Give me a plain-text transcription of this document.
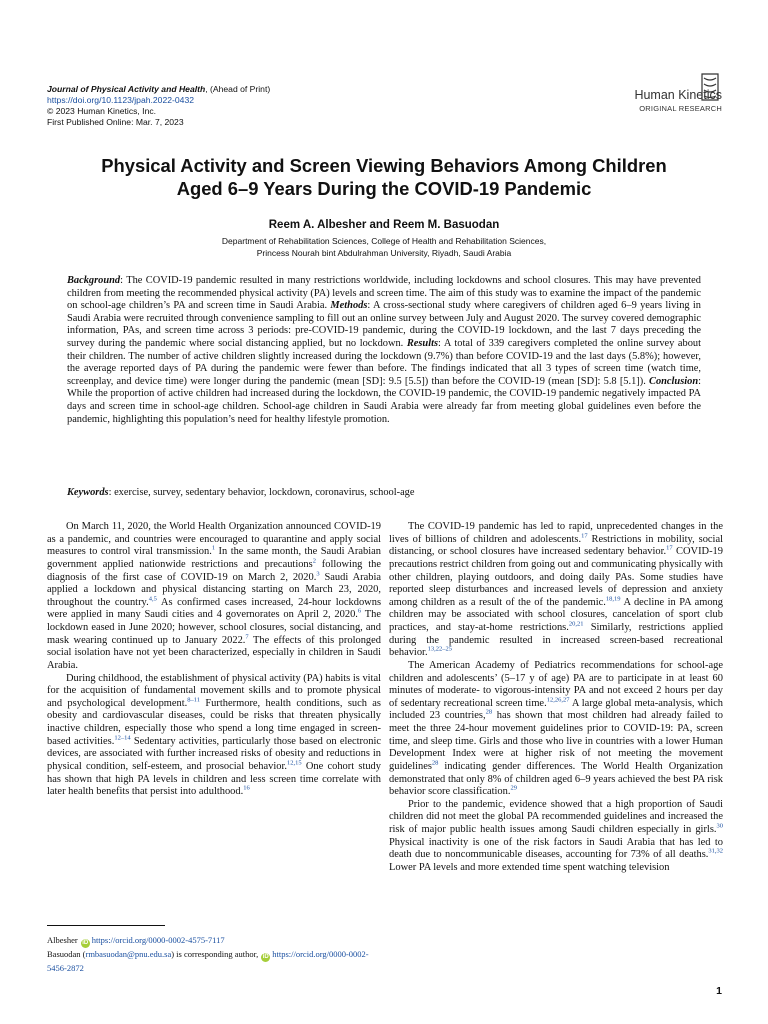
Journal of Physical Activity and Health, (Ahead of Print)
https://doi.org/10.1123/jpah.2022-0432
© 2023 Human Kinetics, Inc.
First Published Online: Mar. 7, 2023
Human Kinetics
ORIGINAL RESEARCH
Physical Activity and Screen Viewing Behaviors Among Children
Aged 6–9 Years During the COVID-19 Pandemic
Reem A. Albesher and Reem M. Basuodan
Department of Rehabilitation Sciences, College of Health and Rehabilitation Sciences,
Princess Nourah bint Abdulrahman University, Riyadh, Saudi Arabia
Background: The COVID-19 pandemic resulted in many restrictions worldwide, including lockdowns and school closures. This may have prevented children from meeting the recommended physical activity (PA) levels and screen time. The aim of this study was to examine the impact of the pandemic on school-age children’s PA and screen time in Saudi Arabia. Methods: A cross-sectional study where caregivers of children aged 6–9 years living in Saudi Arabia were recruited through convenience sampling to fill out an online survey between July and August 2020. The survey covered demographic information, PAs, and screen time across 3 periods: pre-COVID-19 pandemic, during the COVID-19 lockdown, and the last 7 days preceding the survey during the pandemic where social distancing applied, but no lockdown. Results: A total of 339 caregivers completed the online survey about their children. The number of active children slightly increased during the lockdown (9.7%) than before COVID-19 and the last days (5.8%); however, the average reported days of PA during the pandemic were fewer than before. The findings indicated that all 3 types of screen time (watch time, screenplay, and device time) were longer during the pandemic (mean [SD]: 9.5 [5.5]) than before the COVID-19 (mean [SD]: 5.8 [5.1]). Conclusion: While the proportion of active children had increased during the lockdown, the COVID-19 pandemic, the COVID-19 pandemic negatively impacted PA days and screen time in school-age children. School-age children in Saudi Arabia were already far from meeting global guidelines even before the pandemic, highlighting this population’s need for healthy lifestyle promotion.
Keywords: exercise, survey, sedentary behavior, lockdown, coronavirus, school-age

On March 11, 2020, the World Health Organization announced COVID-19 as a pandemic, and countries were encouraged to quarantine and apply social measures to control viral transmission.$^1$ In the same month, the Saudi Arabian government applied nationwide restrictions and precautions$^2$ following the diagnosis of the first case of COVID-19 on March 2, 2020.$^3$ Saudi Arabia applied a lockdown and physical distancing starting on March 23, 2020, throughout the country.$^{4,5}$ As confirmed cases increased, 24-hour lockdowns were applied in many Saudi cities and 4 governorates on April 2, 2020.$^6$ The lockdown eased in June 2020; however, school closures, social distancing, and mask wearing continued up to January 2022.$^7$ The effects of this prolonged social isolation have not yet been characterized, especially in children in Saudi Arabia.

During childhood, the establishment of physical activity (PA) habits is vital for the acquisition of fundamental movement skills and to promote physical and psychological development.$^{8-11}$ Furthermore, health conditions, such as obesity and cardiovascular diseases, could be risks that threaten physically inactive children, especially those who spend a long time engaged in screen-based activities.$^{12-14}$ Sedentary activities, particularly those based on electronic devices, are associated with further increased risks of obesity and reductions in physical condition, self-esteem, and prosocial behavior.$^{12,15}$ One cohort study has shown that high PA levels in children and less screen time correlate with later health benefits that persist into adulthood.$^{16}$

The COVID-19 pandemic has led to rapid, unprecedented changes in the lives of billions of children and adolescents.$^{17}$ Restrictions in mobility, social distancing, or school closures have increased sedentary behavior.$^{17}$ COVID-19 precautions restrict children from going out and communicating physically with other children, playing outdoors, and doing daily PAs. Some studies have reported sleep disturbances and increased levels of depression and anxiety among children as a result of the of the pandemic.$^{18,19}$ A decline in PA among children may be associated with school closures, cancelation of sport club practices, and stay-at-home restrictions.$^{20,21}$ Similarly, restrictions applied during the pandemic resulted in increased screen-based recreational behavior.$^{13,22-25}$

The American Academy of Pediatrics recommendations for school-age children and adolescents’ (5–17 y of age) PA are to participate in at least 60 minutes of moderate- to vigorous-intensity PA and not exceed 2 hours per day of sedentary recreational screen time.$^{12,26,27}$ A large global meta-analysis, which included 23 countries,$^{28}$ has shown that most children had already failed to meet the three 24-hour movement guidelines prior to COVID-19: PA, screen time, and sleep time. Girls and those who live in countries with a lower Human Development Index were at higher risk of not meeting the movement guidelines$^{28}$ indicating gender differences. The World Health Organization demonstrated that only 8% of children aged 6–9 years achieved the best PA risk behavior score classification.$^{29}$

Prior to the pandemic, evidence showed that a high proportion of Saudi children did not meet the global PA recommended guidelines and increased the risk of major public health issues among Saudi children especially in girls.$^{30}$ Physical inactivity is one of the risk factors in Saudi Arabia that has led to death due to noncommunicable diseases, accounting for 73% of all deaths.$^{31,32}$ Lower PA levels and more extended time spent watching television

Albesher iD https://orcid.org/0000-0002-4575-7117
Basuodan (rmbasuodan@pnu.edu.sa) is corresponding author, iD https://orcid.org/0000-0002-5456-2872
1
